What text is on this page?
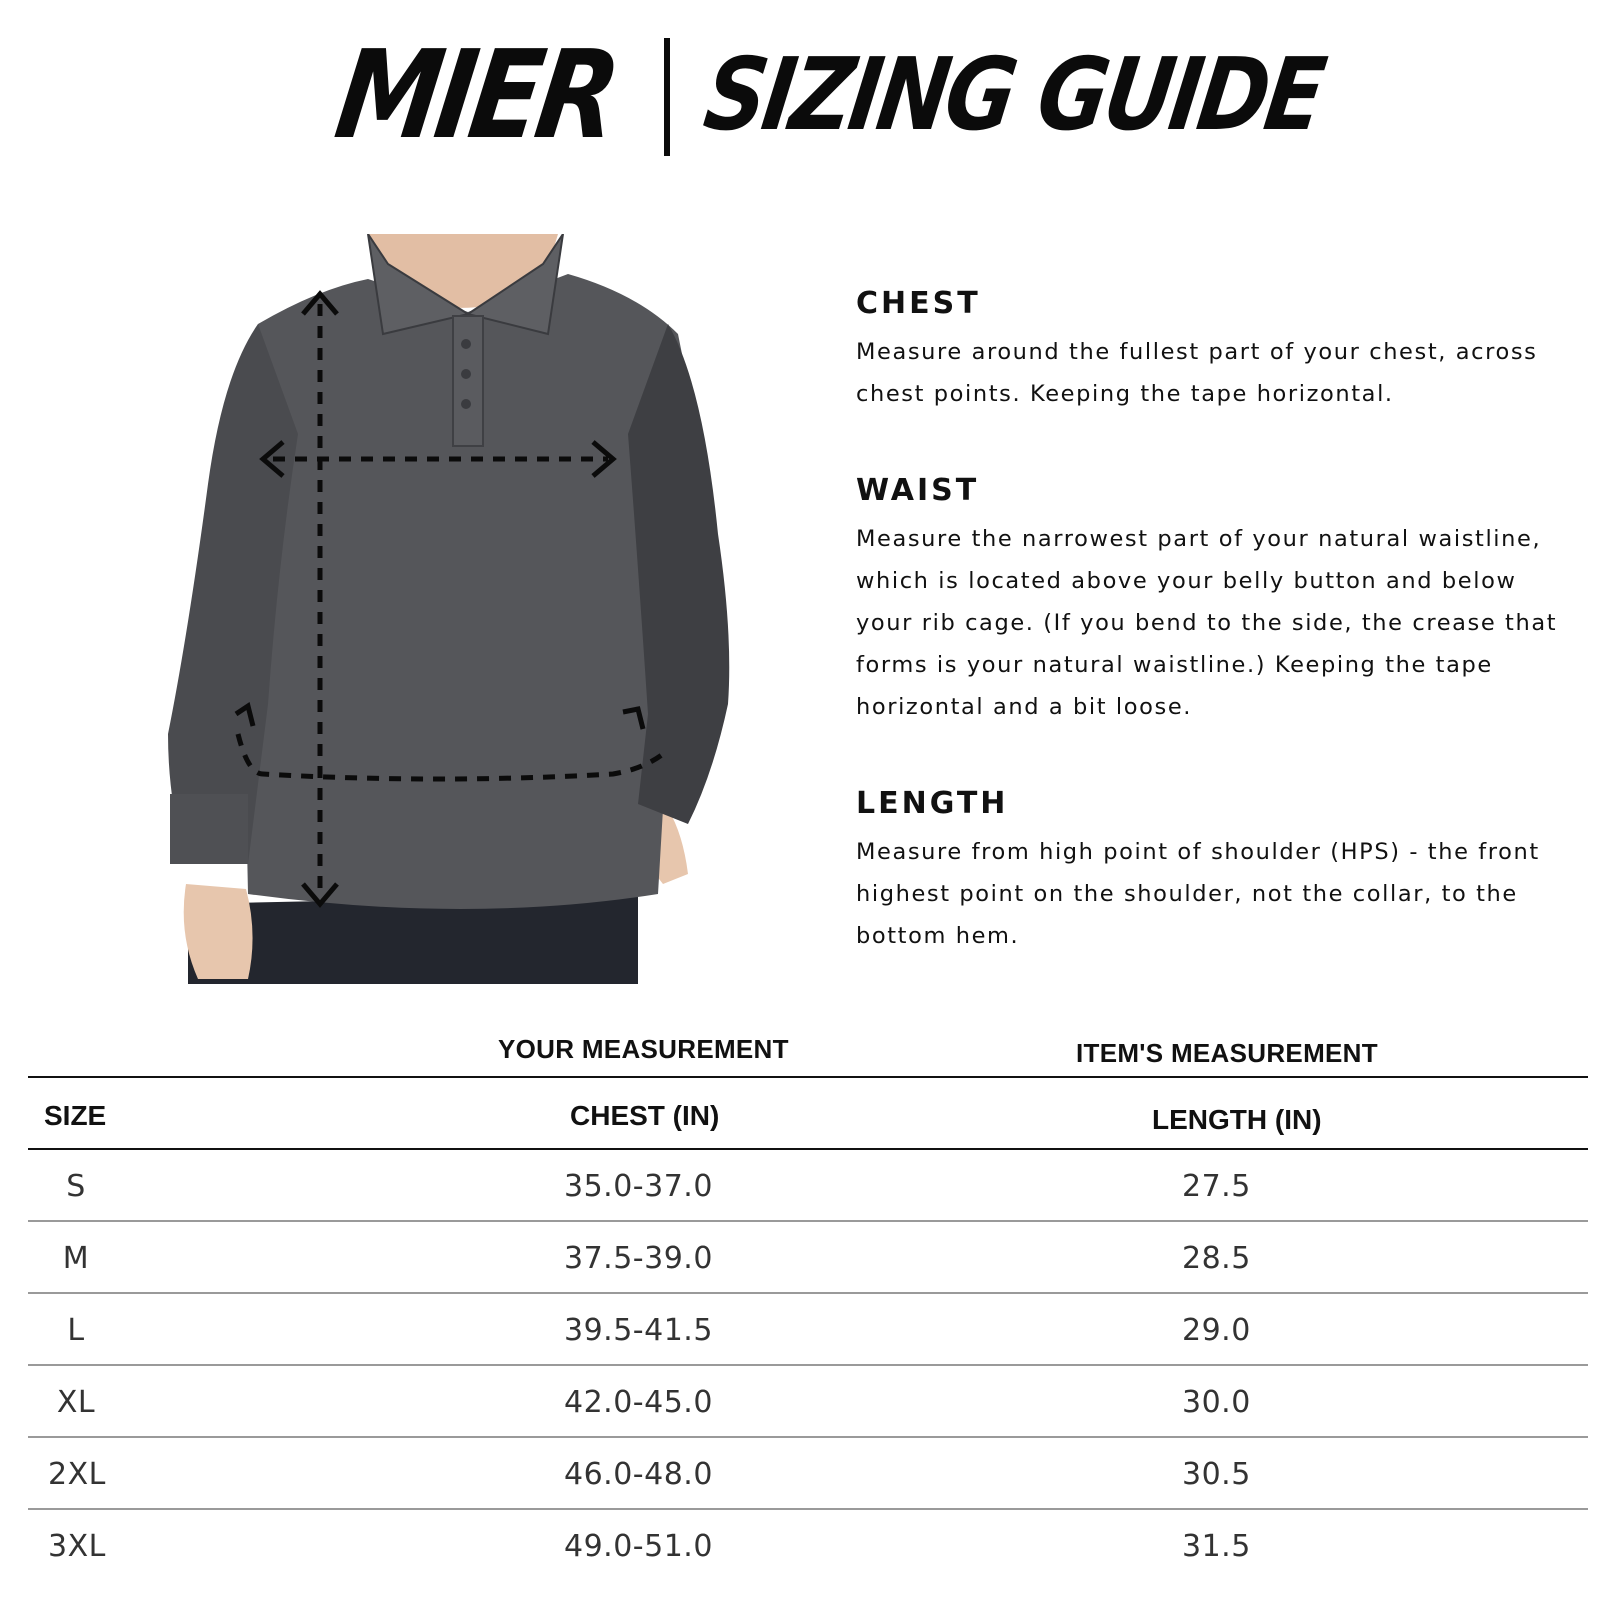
MIER SIZING GUIDE
CHEST

Measure around the fullest part of your chest, across chest points. Keeping the tape horizontal.

WAIST

Measure the narrowest part of your natural waistline, which is located above your belly button and below your rib cage. (If you bend to the side, the crease that forms is your natural waistline.) Keeping the tape horizontal and a bit loose.

LENGTH

Measure from high point of shoulder (HPS) - the front highest point on the shoulder, not the collar, to the bottom hem.

YOUR MEASUREMENT	ITEM'S MEASUREMENT
SIZE	CHEST (IN)	LENGTH (IN)
S	35.0-37.0	27.5
M	37.5-39.0	28.5
L	39.5-41.5	29.0
XL	42.0-45.0	30.0
2XL	46.0-48.0	30.5
3XL	49.0-51.0	31.5
